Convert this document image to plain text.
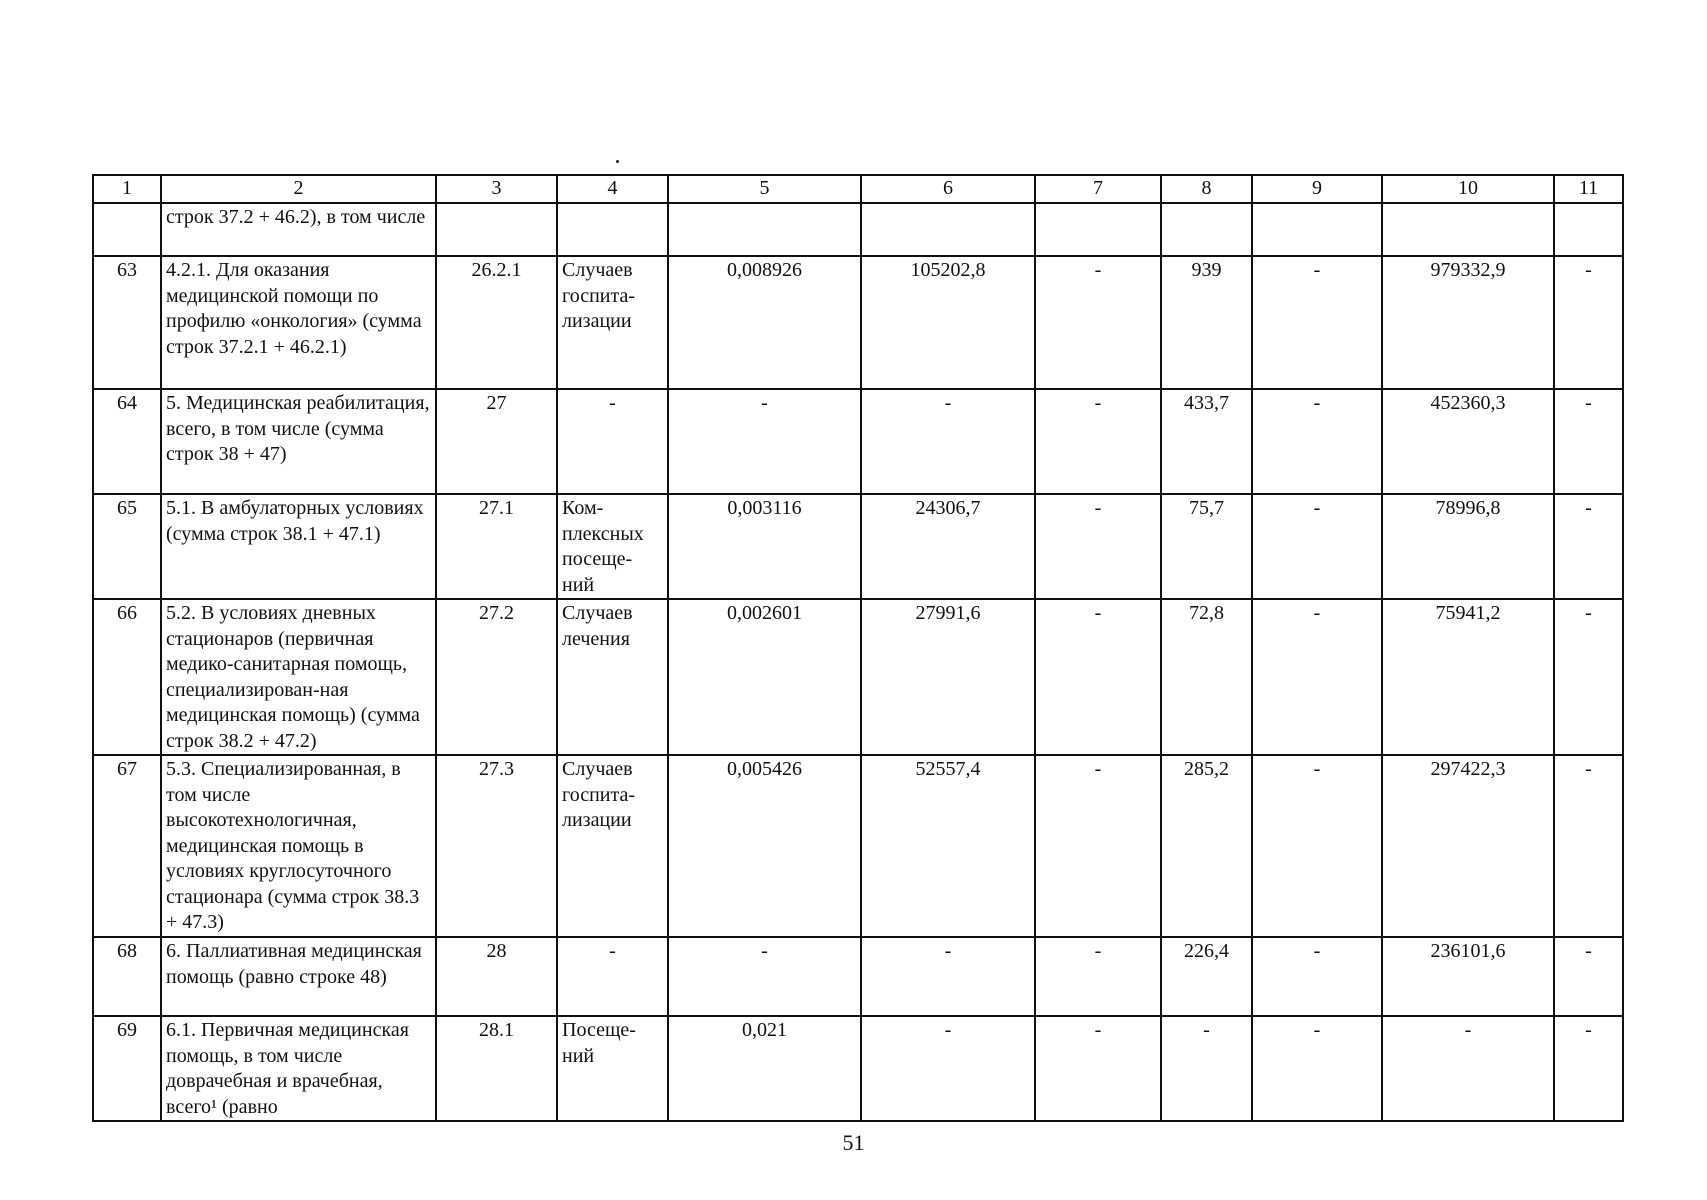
1	2	3	4	5	6	7	8	9	10	11
	строк 37.2 + 46.2), в том числе									
63	4.2.1. Для оказания медицинской помощи по профилю «онкология» (сумма строк 37.2.1 + 46.2.1)	26.2.1	Случаев госпита-лизации	0,008926	105202,8	-	939	-	979332,9	-
64	5. Медицинская реабилитация, всего, в том числе (сумма строк 38 + 47)	27	-	-	-	-	433,7	-	452360,3	-
65	5.1. В амбулаторных условиях (сумма строк 38.1 + 47.1)	27.1	Ком-плексных посеще-ний	0,003116	24306,7	-	75,7	-	78996,8	-
66	5.2. В условиях дневных стационаров (первичная медико-санитарная помощь, специализирован-ная медицинская помощь) (сумма строк 38.2 + 47.2)	27.2	Случаев лечения	0,002601	27991,6	-	72,8	-	75941,2	-
67	5.3. Специализированная, в том числе высокотехнологичная, медицинская помощь в условиях круглосуточного стационара (сумма строк 38.3 + 47.3)	27.3	Случаев госпита-лизации	0,005426	52557,4	-	285,2	-	297422,3	-
68	6. Паллиативная медицинская помощь (равно строке 48)	28	-	-	-	-	226,4	-	236101,6	-
69	6.1. Первичная медицинская помощь, в том числе доврачебная и врачебная, всего¹ (равно	28.1	Посеще-ний	0,021	-	-	-	-	-	-
51
